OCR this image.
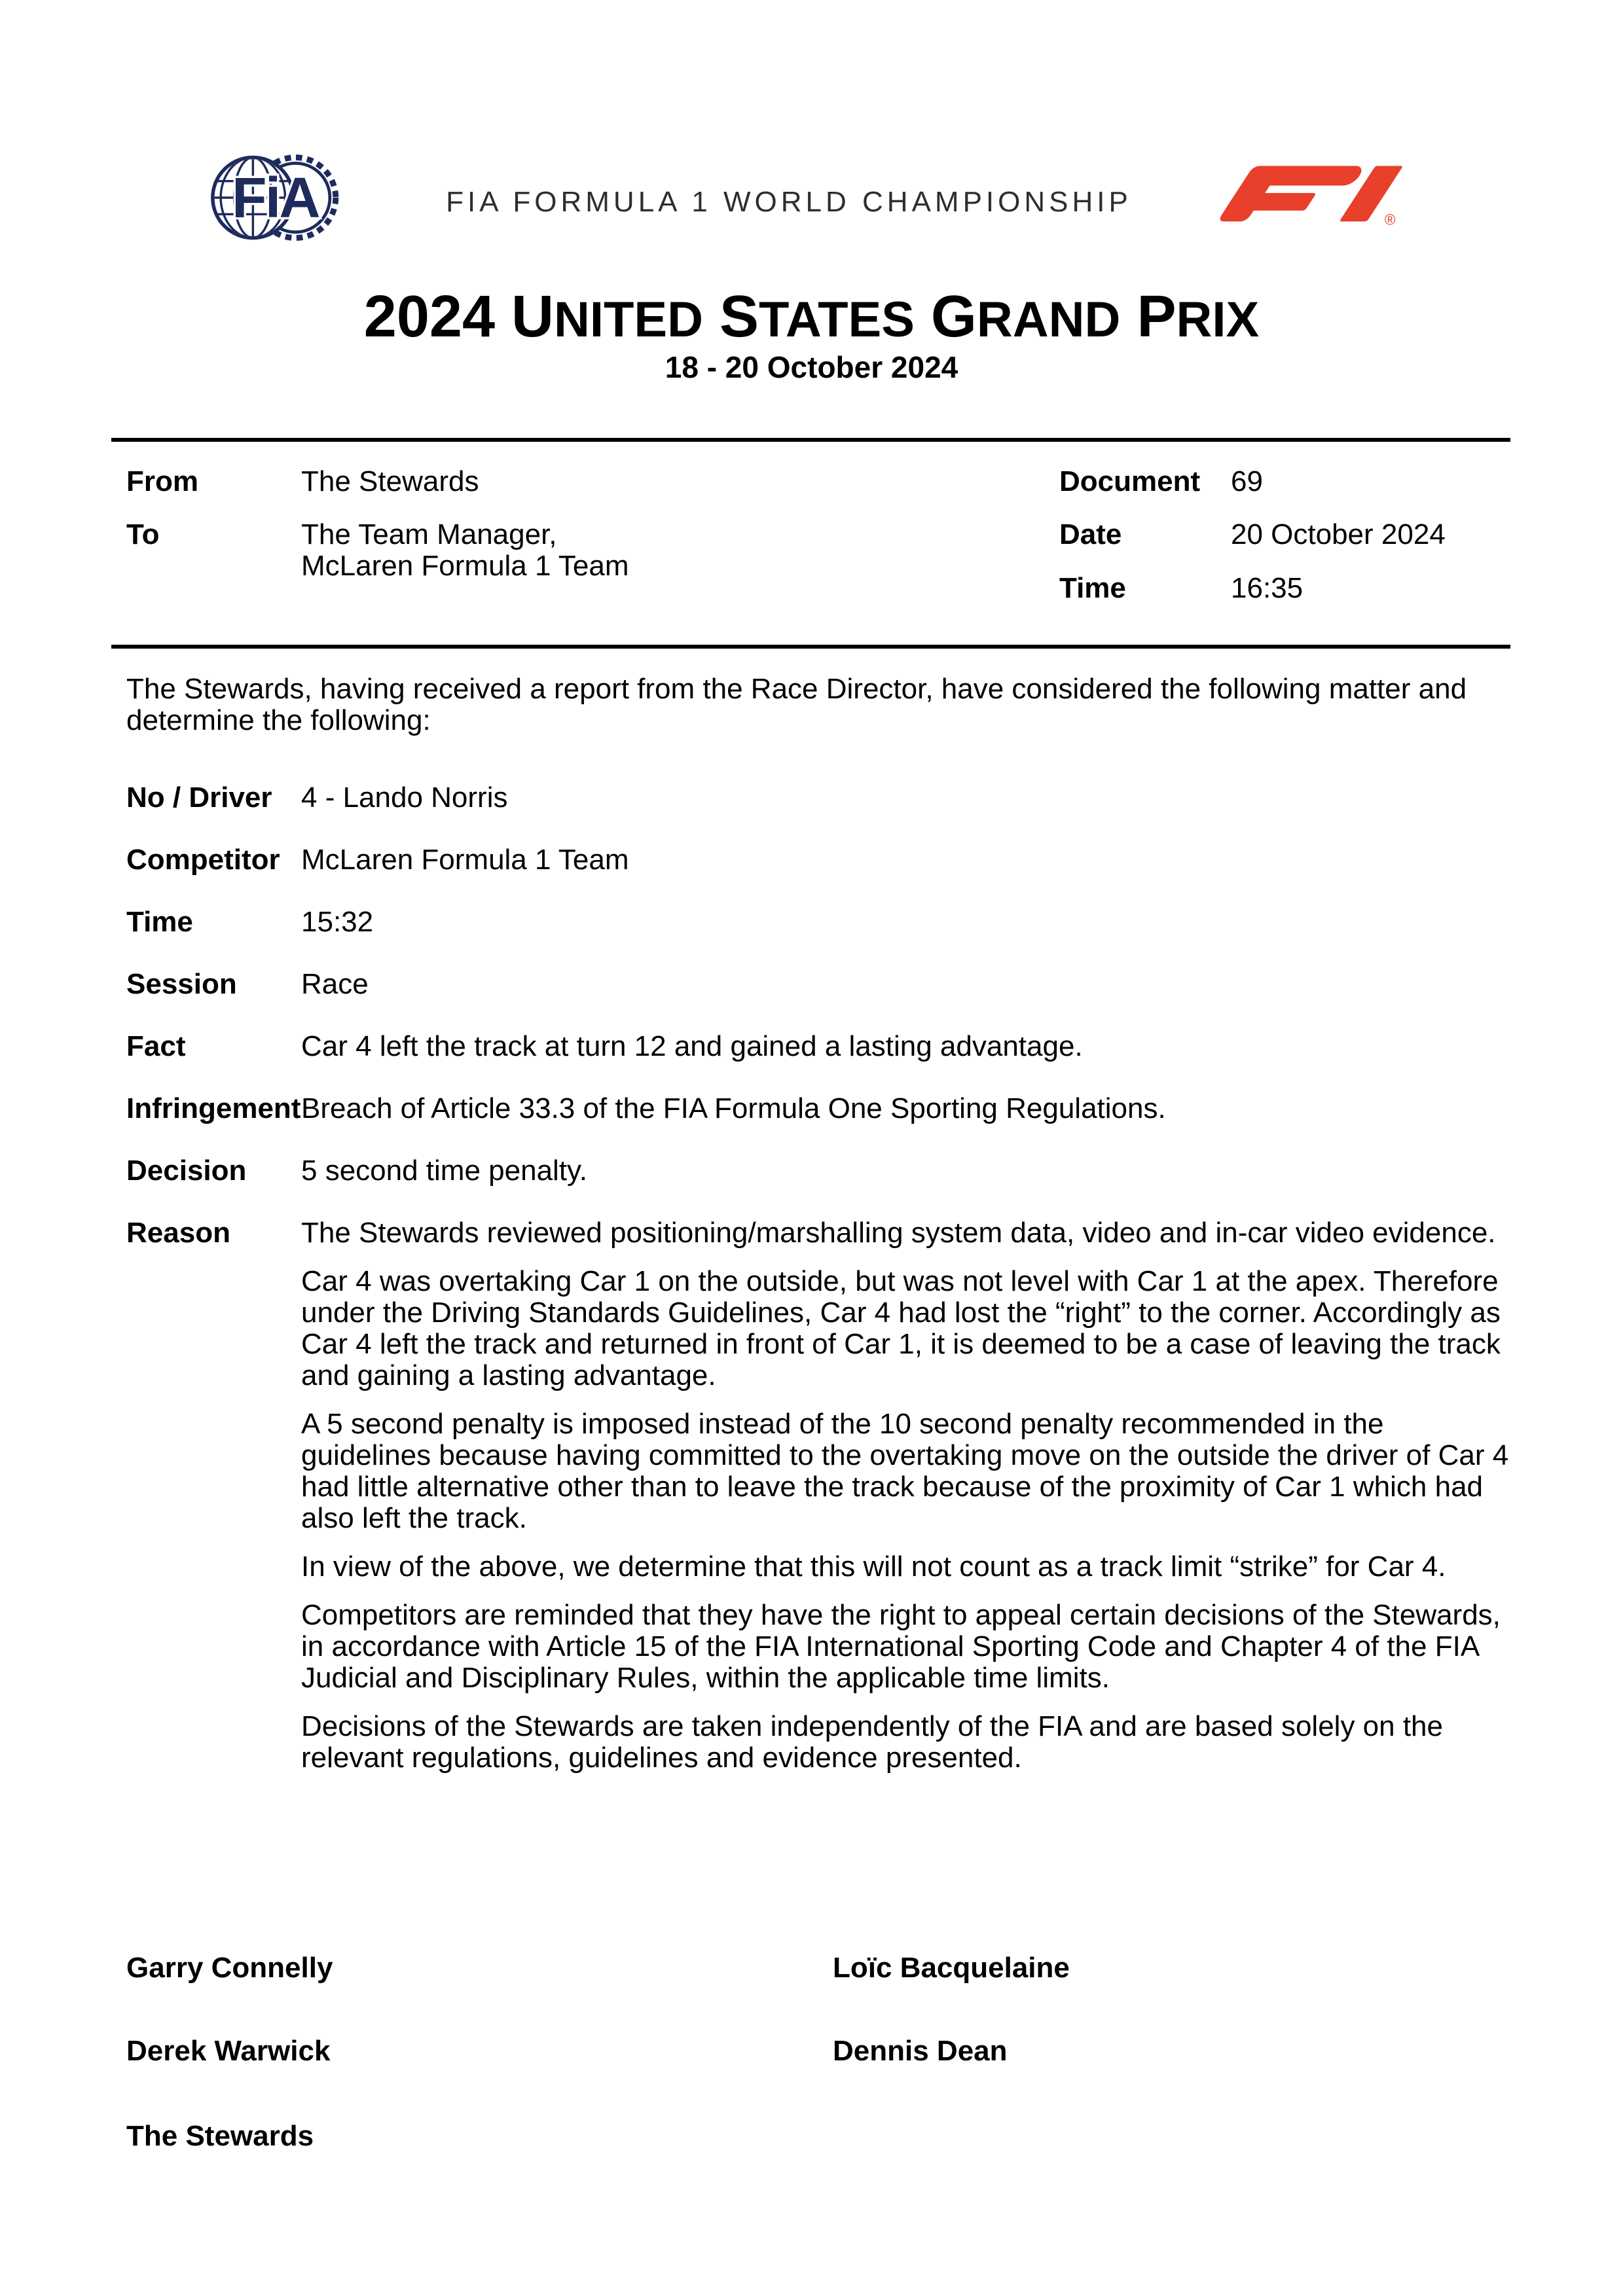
FiA	FIA FORMULA 1 WORLD CHAMPIONSHIP
®
2024 UNITED STATES GRAND PRIX
18 - 20 October 2024
From	The Stewards
To	The Team Manager,
McLaren Formula 1 Team
Document 69
Date	20 October 2024
Time	16:35
The Stewards, having received a report from the Race Director, have considered the following matter and determine the following:
No / Driver	4 - Lando Norris
Competitor McLaren Formula 1 Team
Time	15:32
Session	Race
Fact	Car 4 left the track at turn 12 and gained a lasting advantage.
Infringement Breach of Article 33.3 of the FIA Formula One Sporting Regulations.
Decision	5 second time penalty.
Reason	The Stewards reviewed positioning/marshalling system data, video and in-car video evidence.

Car 4 was overtaking Car 1 on the outside, but was not level with Car 1 at the apex. Therefore under the Driving Standards Guidelines, Car 4 had lost the “right” to the corner. Accordingly as Car 4 left the track and returned in front of Car 1, it is deemed to be a case of leaving the track and gaining a lasting advantage.

A 5 second penalty is imposed instead of the 10 second penalty recommended in the guidelines because having committed to the overtaking move on the outside the driver of Car 4 had little alternative other than to leave the track because of the proximity of Car 1 which had also left the track.

In view of the above, we determine that this will not count as a track limit “strike” for Car 4.

Competitors are reminded that they have the right to appeal certain decisions of the Stewards, in accordance with Article 15 of the FIA International Sporting Code and Chapter 4 of the FIA Judicial and Disciplinary Rules, within the applicable time limits.

Decisions of the Stewards are taken independently of the FIA and are based solely on the relevant regulations, guidelines and evidence presented.

Garry Connelly	Loïc Bacquelaine
Derek Warwick	Dennis Dean
The Stewards
